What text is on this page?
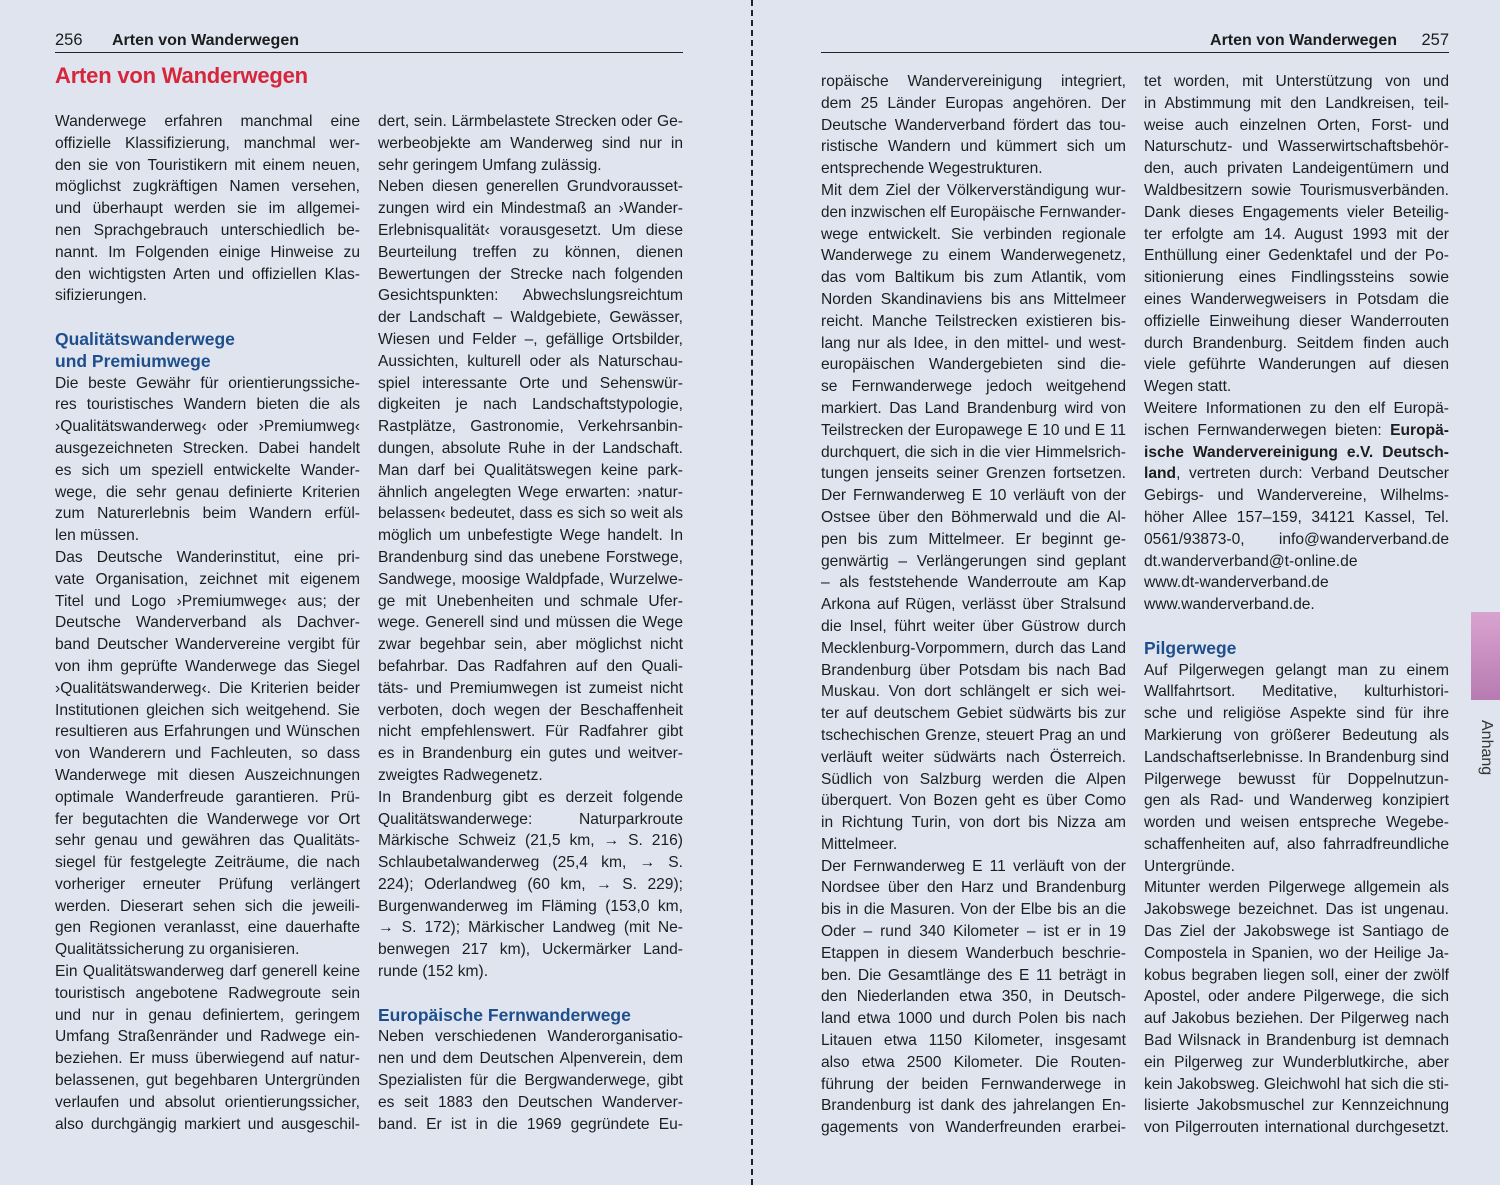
256 Arten von Wanderwegen
Arten von Wanderwegen
Arten von Wanderwegen 257
Wanderwege erfahren manchmal eine
offizielle Klassifizierung, manchmal wer-
den sie von Touristikern mit einem neuen,
möglichst zugkräftigen Namen versehen,
und überhaupt werden sie im allgemei-
nen Sprachgebrauch unterschiedlich be-
nannt. Im Folgenden einige Hinweise zu
den wichtigsten Arten und offiziellen Klas-
sifizierungen.
Qualitätswanderwege
und Premiumwege
Die beste Gewähr für orientierungssiche-
res touristisches Wandern bieten die als
›Qualitätswanderweg‹ oder ›Premiumweg‹
ausgezeichneten Strecken. Dabei handelt
es sich um speziell entwickelte Wander-
wege, die sehr genau definierte Kriterien
zum Naturerlebnis beim Wandern erfül-
len müssen.
Das Deutsche Wanderinstitut, eine pri-
vate Organisation, zeichnet mit eigenem
Titel und Logo ›Premiumwege‹ aus; der
Deutsche Wanderverband als Dachver-
band Deutscher Wandervereine vergibt für
von ihm geprüfte Wanderwege das Siegel
›Qualitätswanderweg‹. Die Kriterien beider
Institutionen gleichen sich weitgehend. Sie
resultieren aus Erfahrungen und Wünschen
von Wanderern und Fachleuten, so dass
Wanderwege mit diesen Auszeichnungen
optimale Wanderfreude garantieren. Prü-
fer begutachten die Wanderwege vor Ort
sehr genau und gewähren das Qualitäts-
siegel für festgelegte Zeiträume, die nach
vorheriger erneuter Prüfung verlängert
werden. Dieserart sehen sich die jeweili-
gen Regionen veranlasst, eine dauerhafte
Qualitätssicherung zu organisieren.
Ein Qualitätswanderweg darf generell keine
touristisch angebotene Radwegroute sein
und nur in genau definiertem, geringem
Umfang Straßenränder und Radwege ein-
beziehen. Er muss überwiegend auf natur-
belassenen, gut begehbaren Untergründen
verlaufen und absolut orientierungssicher,
also durchgängig markiert und ausgeschil-
dert, sein. Lärmbelastete Strecken oder Ge-
werbeobjekte am Wanderweg sind nur in
sehr geringem Umfang zulässig.
Neben diesen generellen Grundvorausset-
zungen wird ein Mindestmaß an ›Wander-
Erlebnisqualität‹ vorausgesetzt. Um diese
Beurteilung treffen zu können, dienen
Bewertungen der Strecke nach folgenden
Gesichtspunkten: Abwechslungsreichtum
der Landschaft – Waldgebiete, Gewässer,
Wiesen und Felder –, gefällige Ortsbilder,
Aussichten, kulturell oder als Naturschau-
spiel interessante Orte und Sehenswür-
digkeiten je nach Landschaftstypologie,
Rastplätze, Gastronomie, Verkehrsanbin-
dungen, absolute Ruhe in der Landschaft.
Man darf bei Qualitätswegen keine park-
ähnlich angelegten Wege erwarten: ›natur-
belassen‹ bedeutet, dass es sich so weit als
möglich um unbefestigte Wege handelt. In
Brandenburg sind das unebene Forstwege,
Sandwege, moosige Waldpfade, Wurzelwe-
ge mit Unebenheiten und schmale Ufer-
wege. Generell sind und müssen die Wege
zwar begehbar sein, aber möglichst nicht
befahrbar. Das Radfahren auf den Quali-
täts- und Premiumwegen ist zumeist nicht
verboten, doch wegen der Beschaffenheit
nicht empfehlenswert. Für Radfahrer gibt
es in Brandenburg ein gutes und weitver-
zweigtes Radwegenetz.
In Brandenburg gibt es derzeit folgende
Qualitätswanderwege: Naturparkroute
Märkische Schweiz (21,5 km, → S. 216)
Schlaubetalwanderweg (25,4 km, → S.
224); Oderlandweg (60 km, → S. 229);
Burgenwanderweg im Fläming (153,0 km,
→ S. 172); Märkischer Landweg (mit Ne-
benwegen 217 km), Uckermärker Land-
runde (152 km).
Europäische Fernwanderwege
Neben verschiedenen Wanderorganisatio-
nen und dem Deutschen Alpenverein, dem
Spezialisten für die Bergwanderwege, gibt
es seit 1883 den Deutschen Wanderver-
band. Er ist in die 1969 gegründete Eu-
ropäische Wandervereinigung integriert,
dem 25 Länder Europas angehören. Der
Deutsche Wanderverband fördert das tou-
ristische Wandern und kümmert sich um
entsprechende Wegestrukturen.
Mit dem Ziel der Völkerverständigung wur-
den inzwischen elf Europäische Fernwander-
wege entwickelt. Sie verbinden regionale
Wanderwege zu einem Wanderwegenetz,
das vom Baltikum bis zum Atlantik, vom
Norden Skandinaviens bis ans Mittelmeer
reicht. Manche Teilstrecken existieren bis-
lang nur als Idee, in den mittel- und west-
europäischen Wandergebieten sind die-
se Fernwanderwege jedoch weitgehend
markiert. Das Land Brandenburg wird von
Teilstrecken der Europawege E 10 und E 11
durchquert, die sich in die vier Himmelsrich-
tungen jenseits seiner Grenzen fortsetzen.
Der Fernwanderweg E 10 verläuft von der
Ostsee über den Böhmerwald und die Al-
pen bis zum Mittelmeer. Er beginnt ge-
genwärtig – Verlängerungen sind geplant
– als feststehende Wanderroute am Kap
Arkona auf Rügen, verlässt über Stralsund
die Insel, führt weiter über Güstrow durch
Mecklenburg-Vorpommern, durch das Land
Brandenburg über Potsdam bis nach Bad
Muskau. Von dort schlängelt er sich wei-
ter auf deutschem Gebiet südwärts bis zur
tschechischen Grenze, steuert Prag an und
verläuft weiter südwärts nach Österreich.
Südlich von Salzburg werden die Alpen
überquert. Von Bozen geht es über Como
in Richtung Turin, von dort bis Nizza am
Mittelmeer.
Der Fernwanderweg E 11 verläuft von der
Nordsee über den Harz und Brandenburg
bis in die Masuren. Von der Elbe bis an die
Oder – rund 340 Kilometer – ist er in 19
Etappen in diesem Wanderbuch beschrie-
ben. Die Gesamtlänge des E 11 beträgt in
den Niederlanden etwa 350, in Deutsch-
land etwa 1000 und durch Polen bis nach
Litauen etwa 1150 Kilometer, insgesamt
also etwa 2500 Kilometer. Die Routen-
führung der beiden Fernwanderwege in
Brandenburg ist dank des jahrelangen En-
gagements von Wanderfreunden erarbei-
tet worden, mit Unterstützung von und
in Abstimmung mit den Landkreisen, teil-
weise auch einzelnen Orten, Forst- und
Naturschutz- und Wasserwirtschaftsbehör-
den, auch privaten Landeigentümern und
Waldbesitzern sowie Tourismusverbänden.
Dank dieses Engagements vieler Beteilig-
ter erfolgte am 14. August 1993 mit der
Enthüllung einer Gedenktafel und der Po-
sitionierung eines Findlingssteins sowie
eines Wanderwegweisers in Potsdam die
offizielle Einweihung dieser Wanderrouten
durch Brandenburg. Seitdem finden auch
viele geführte Wanderungen auf diesen
Wegen statt.
Weitere Informationen zu den elf Europä-
ischen Fernwanderwegen bieten: Europä-
ische Wandervereinigung e.V. Deutsch-
land, vertreten durch: Verband Deutscher
Gebirgs- und Wandervereine, Wilhelms-
höher Allee 157–159, 34121 Kassel, Tel.
0561/93873-0, info@wanderverband.de
dt.wanderverband@t-online.de
www.dt-wanderverband.de
www.wanderverband.de.
Pilgerwege
Auf Pilgerwegen gelangt man zu einem
Wallfahrtsort. Meditative, kulturhistori-
sche und religiöse Aspekte sind für ihre
Markierung von größerer Bedeutung als
Landschaftserlebnisse. In Brandenburg sind
Pilgerwege bewusst für Doppelnutzun-
gen als Rad- und Wanderweg konzipiert
worden und weisen entspreche Wegebe-
schaffenheiten auf, also fahrradfreundliche
Untergründe.
Mitunter werden Pilgerwege allgemein als
Jakobswege bezeichnet. Das ist ungenau.
Das Ziel der Jakobswege ist Santiago de
Compostela in Spanien, wo der Heilige Ja-
kobus begraben liegen soll, einer der zwölf
Apostel, oder andere Pilgerwege, die sich
auf Jakobus beziehen. Der Pilgerweg nach
Bad Wilsnack in Brandenburg ist demnach
ein Pilgerweg zur Wunderblutkirche, aber
kein Jakobsweg. Gleichwohl hat sich die sti-
lisierte Jakobsmuschel zur Kennzeichnung
von Pilgerrouten international durchgesetzt.
Anhang
